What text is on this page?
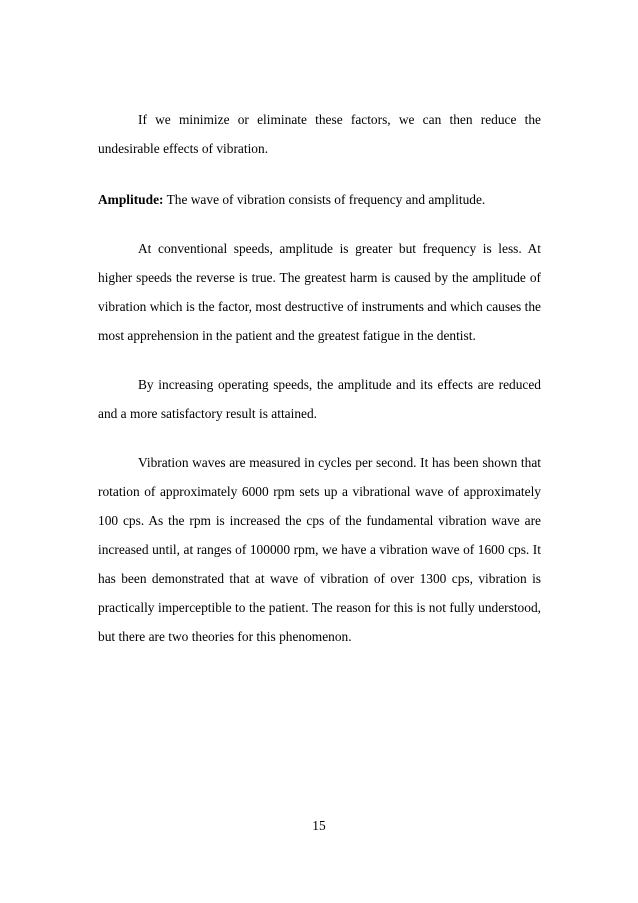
If we minimize or eliminate these factors, we can then reduce the undesirable effects of vibration.

Amplitude: The wave of vibration consists of frequency and amplitude.

At conventional speeds, amplitude is greater but frequency is less. At higher speeds the reverse is true. The greatest harm is caused by the amplitude of vibration which is the factor, most destructive of instruments and which causes the most apprehension in the patient and the greatest fatigue in the dentist.

By increasing operating speeds, the amplitude and its effects are reduced and a more satisfactory result is attained.

Vibration waves are measured in cycles per second. It has been shown that rotation of approximately 6000 rpm sets up a vibrational wave of approximately 100 cps. As the rpm is increased the cps of the fundamental vibration wave are increased until, at ranges of 100000 rpm, we have a vibration wave of 1600 cps. It has been demonstrated that at wave of vibration of over 1300 cps, vibration is practically imperceptible to the patient. The reason for this is not fully understood, but there are two theories for this phenomenon.

15
